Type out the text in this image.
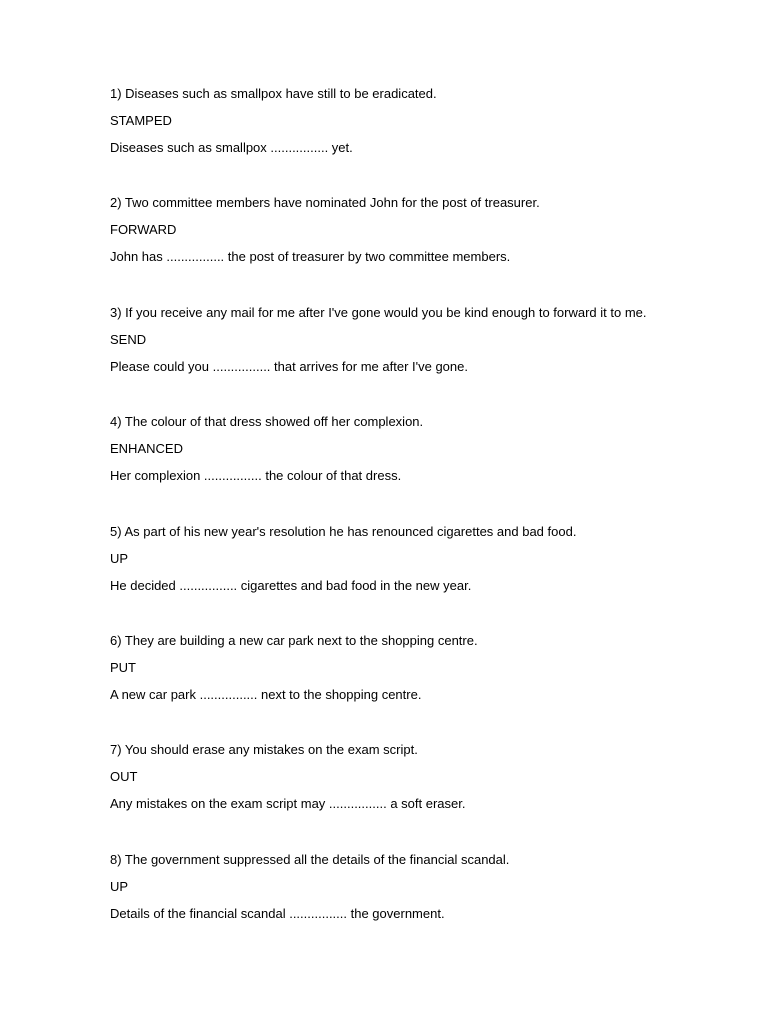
1) Diseases such as smallpox have still to be eradicated.

STAMPED

Diseases such as smallpox ................ yet.

2) Two committee members have nominated John for the post of treasurer.

FORWARD

John has ................ the post of treasurer by two committee members.

3) If you receive any mail for me after I've gone would you be kind enough to forward it to me.

SEND

Please could you ................ that arrives for me after I've gone.

4) The colour of that dress showed off her complexion.

ENHANCED

Her complexion ................ the colour of that dress.

5) As part of his new year's resolution he has renounced cigarettes and bad food.

UP

He decided ................ cigarettes and bad food in the new year.

6) They are building a new car park next to the shopping centre.

PUT

A new car park ................ next to the shopping centre.

7) You should erase any mistakes on the exam script.

OUT

Any mistakes on the exam script may ................ a soft eraser.

8) The government suppressed all the details of the financial scandal.

UP

Details of the financial scandal ................ the government.
